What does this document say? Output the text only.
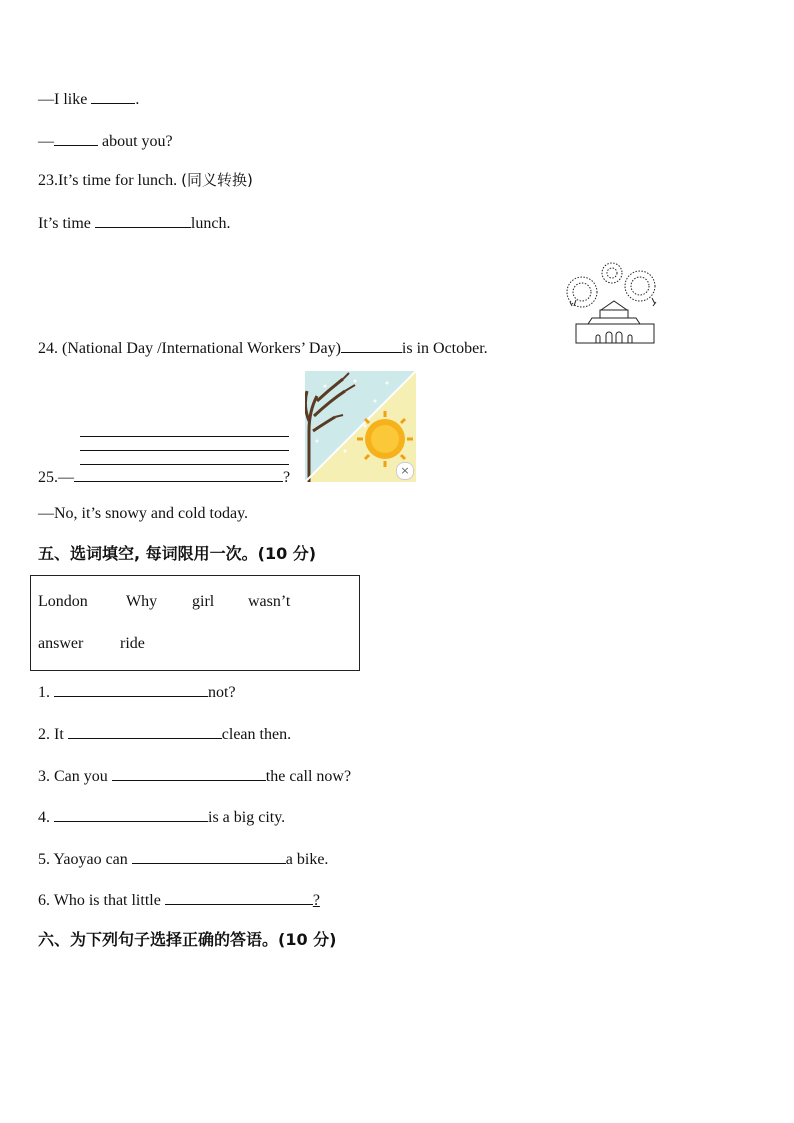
—I like	.
—	about you?
23.It’s time for lunch. (同义转换)
It’s time	lunch.
24. (National Day /International Workers’ Day)	is in October.
×
25.—	?
—No, it’s snowy and cold today.
五、选词填空, 每词限用一次。(10 分)
London Why girl wasn’t
answer ride
1.	not?
2. It	clean then.
3. Can you	the call now?
4.	is a big city.
5. Yaoyao can	a bike.
6. Who is that little	?
六、为下列句子选择正确的答语。(10 分)
